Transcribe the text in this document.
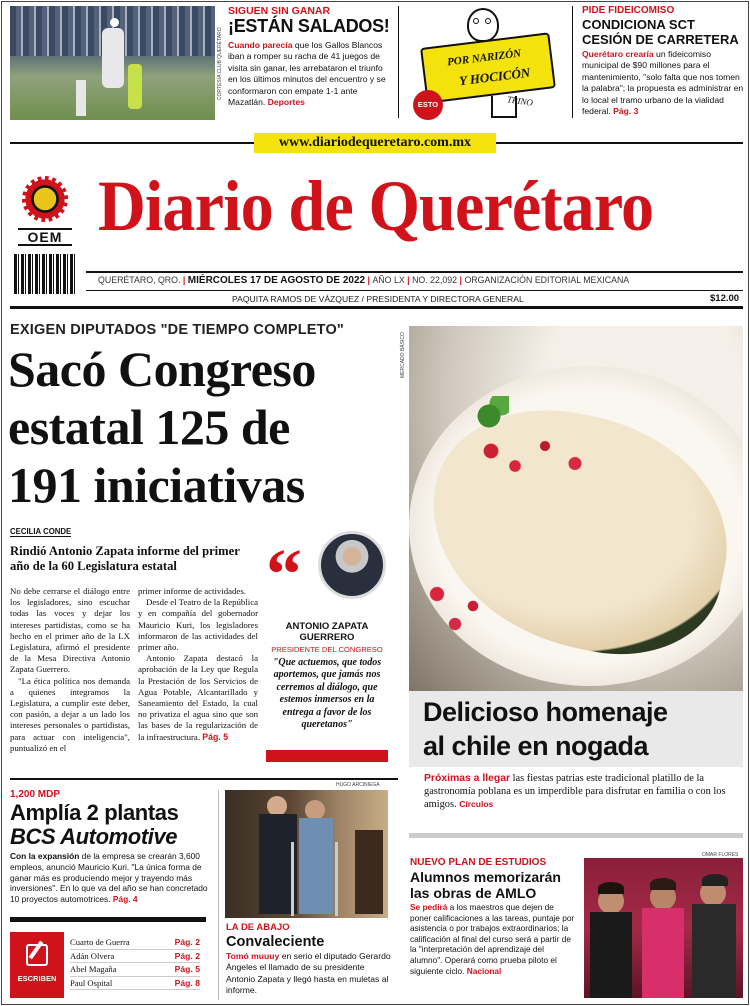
CORTESÍA CLUB QUERÉTARO
SIGUEN SIN GANAR
¡ESTÁN SALADOS!
Cuando parecía que los Gallos Blancos iban a romper su racha de 41 juegos de visita sin ganar, les arrebataron el triunfo en los últimos minutos del encuentro y se conformaron con empate 1-1 ante Mazatlán. Deportes
POR NARIZÓN
Y HOCICÓN
TRINO
ESTO
PIDE FIDEICOMISO
CONDICIONA SCT
CESIÓN DE CARRETERA
Querétaro crearía un fideicomiso municipal de $90 millones para el mantenimiento, "solo falta que nos tomen la palabra"; la propuesta es administrar en lo local el tramo urbano de la vialidad federal. Pág. 3
www.diariodequeretaro.com.mx
OEM Diario de Querétaro
QUERÉTARO, QRO. | MIÉRCOLES 17 DE AGOSTO DE 2022 | AÑO LX | NO. 22,092 | ORGANIZACIÓN EDITORIAL MEXICANA
PAQUITA RAMOS DE VÁZQUEZ / PRESIDENTA Y DIRECTORA GENERAL	$12.00
EXIGEN DIPUTADOS "DE TIEMPO COMPLETO"
Sacó Congreso
estatal 125 de
191 iniciativas
CECILIA CONDE
Rindió Antonio Zapata informe del primer año de la 60 Legislatura estatal

No debe cerrarse el diálogo entre los legisladores, sino escuchar todas las voces y dejar los intereses partidistas, como se ha hecho en el primer año de la LX Legislatura, afirmó el presidente de la Mesa Directiva Antonio Zapata Guerrero.

"La ética política nos demanda a quienes integramos la Legislatura, a cumplir este deber, con pasión, a dejar a un lado los intereses personales o partidistas, para actuar con inteligencia", puntualizó en el

primer informe de actividades.

Desde el Teatro de la República y en compañía del gobernador Mauricio Kuri, los legisladores informaron de las actividades del primer año.

Antonio Zapata destacó la aprobación de la Ley que Regula la Prestación de los Servicios de Agua Potable, Alcantarillado y Saneamiento del Estado, la cual no privatiza el agua sino que son las bases de la regularización de la infraestructura. Pág. 5

“
ANTONIO ZAPATA
GUERRERO
PRESIDENTE DEL CONGRESO
"Que actuemos, que todos aportemos, que jamás nos cerremos al diálogo, que estemos inmersos en la entrega a favor de los queretanos"
MERCADO BÁSICO
Delicioso homenaje
al chile en nogada
Próximas a llegar las fiestas patrias este tradicional platillo de la gastronomía poblana es un imperdible para disfrutar en familia o con los amigos. Círculos
1,200 MDP
Amplía 2 plantas
BCS Automotive
Con la expansión de la empresa se crearán 3,600 empleos, anunció Mauricio Kuri. "La única forma de ganar más es produciendo mejor y trayendo más inversiones". En lo que va del año se han concretado 10 proyectos automotrices. Pág. 4
ESCRIBEN
Cuarto de Guerra	Pág. 2
Adán Olvera	Pág. 2
Abel Magaña	Pág. 5
Paul Ospital	Pág. 8
HUGO ARCINIEGA
LA DE ABAJO
Convaleciente
Tomó muuuy en serio el diputado Gerardo Ángeles el llamado de su presidente Antonio Zapata y llegó hasta en muletas al informe.
NUEVO PLAN DE ESTUDIOS
Alumnos memorizarán
las obras de AMLO
Se pedirá a los maestros que dejen de poner calificaciones a las tareas, puntaje por asistencia o por trabajos extraordinarios; la calificación al final del curso será a partir de la "interpretación del aprendizaje del alumno". Operará como prueba piloto el siguiente ciclo. Nacional
OMAR FLORES
